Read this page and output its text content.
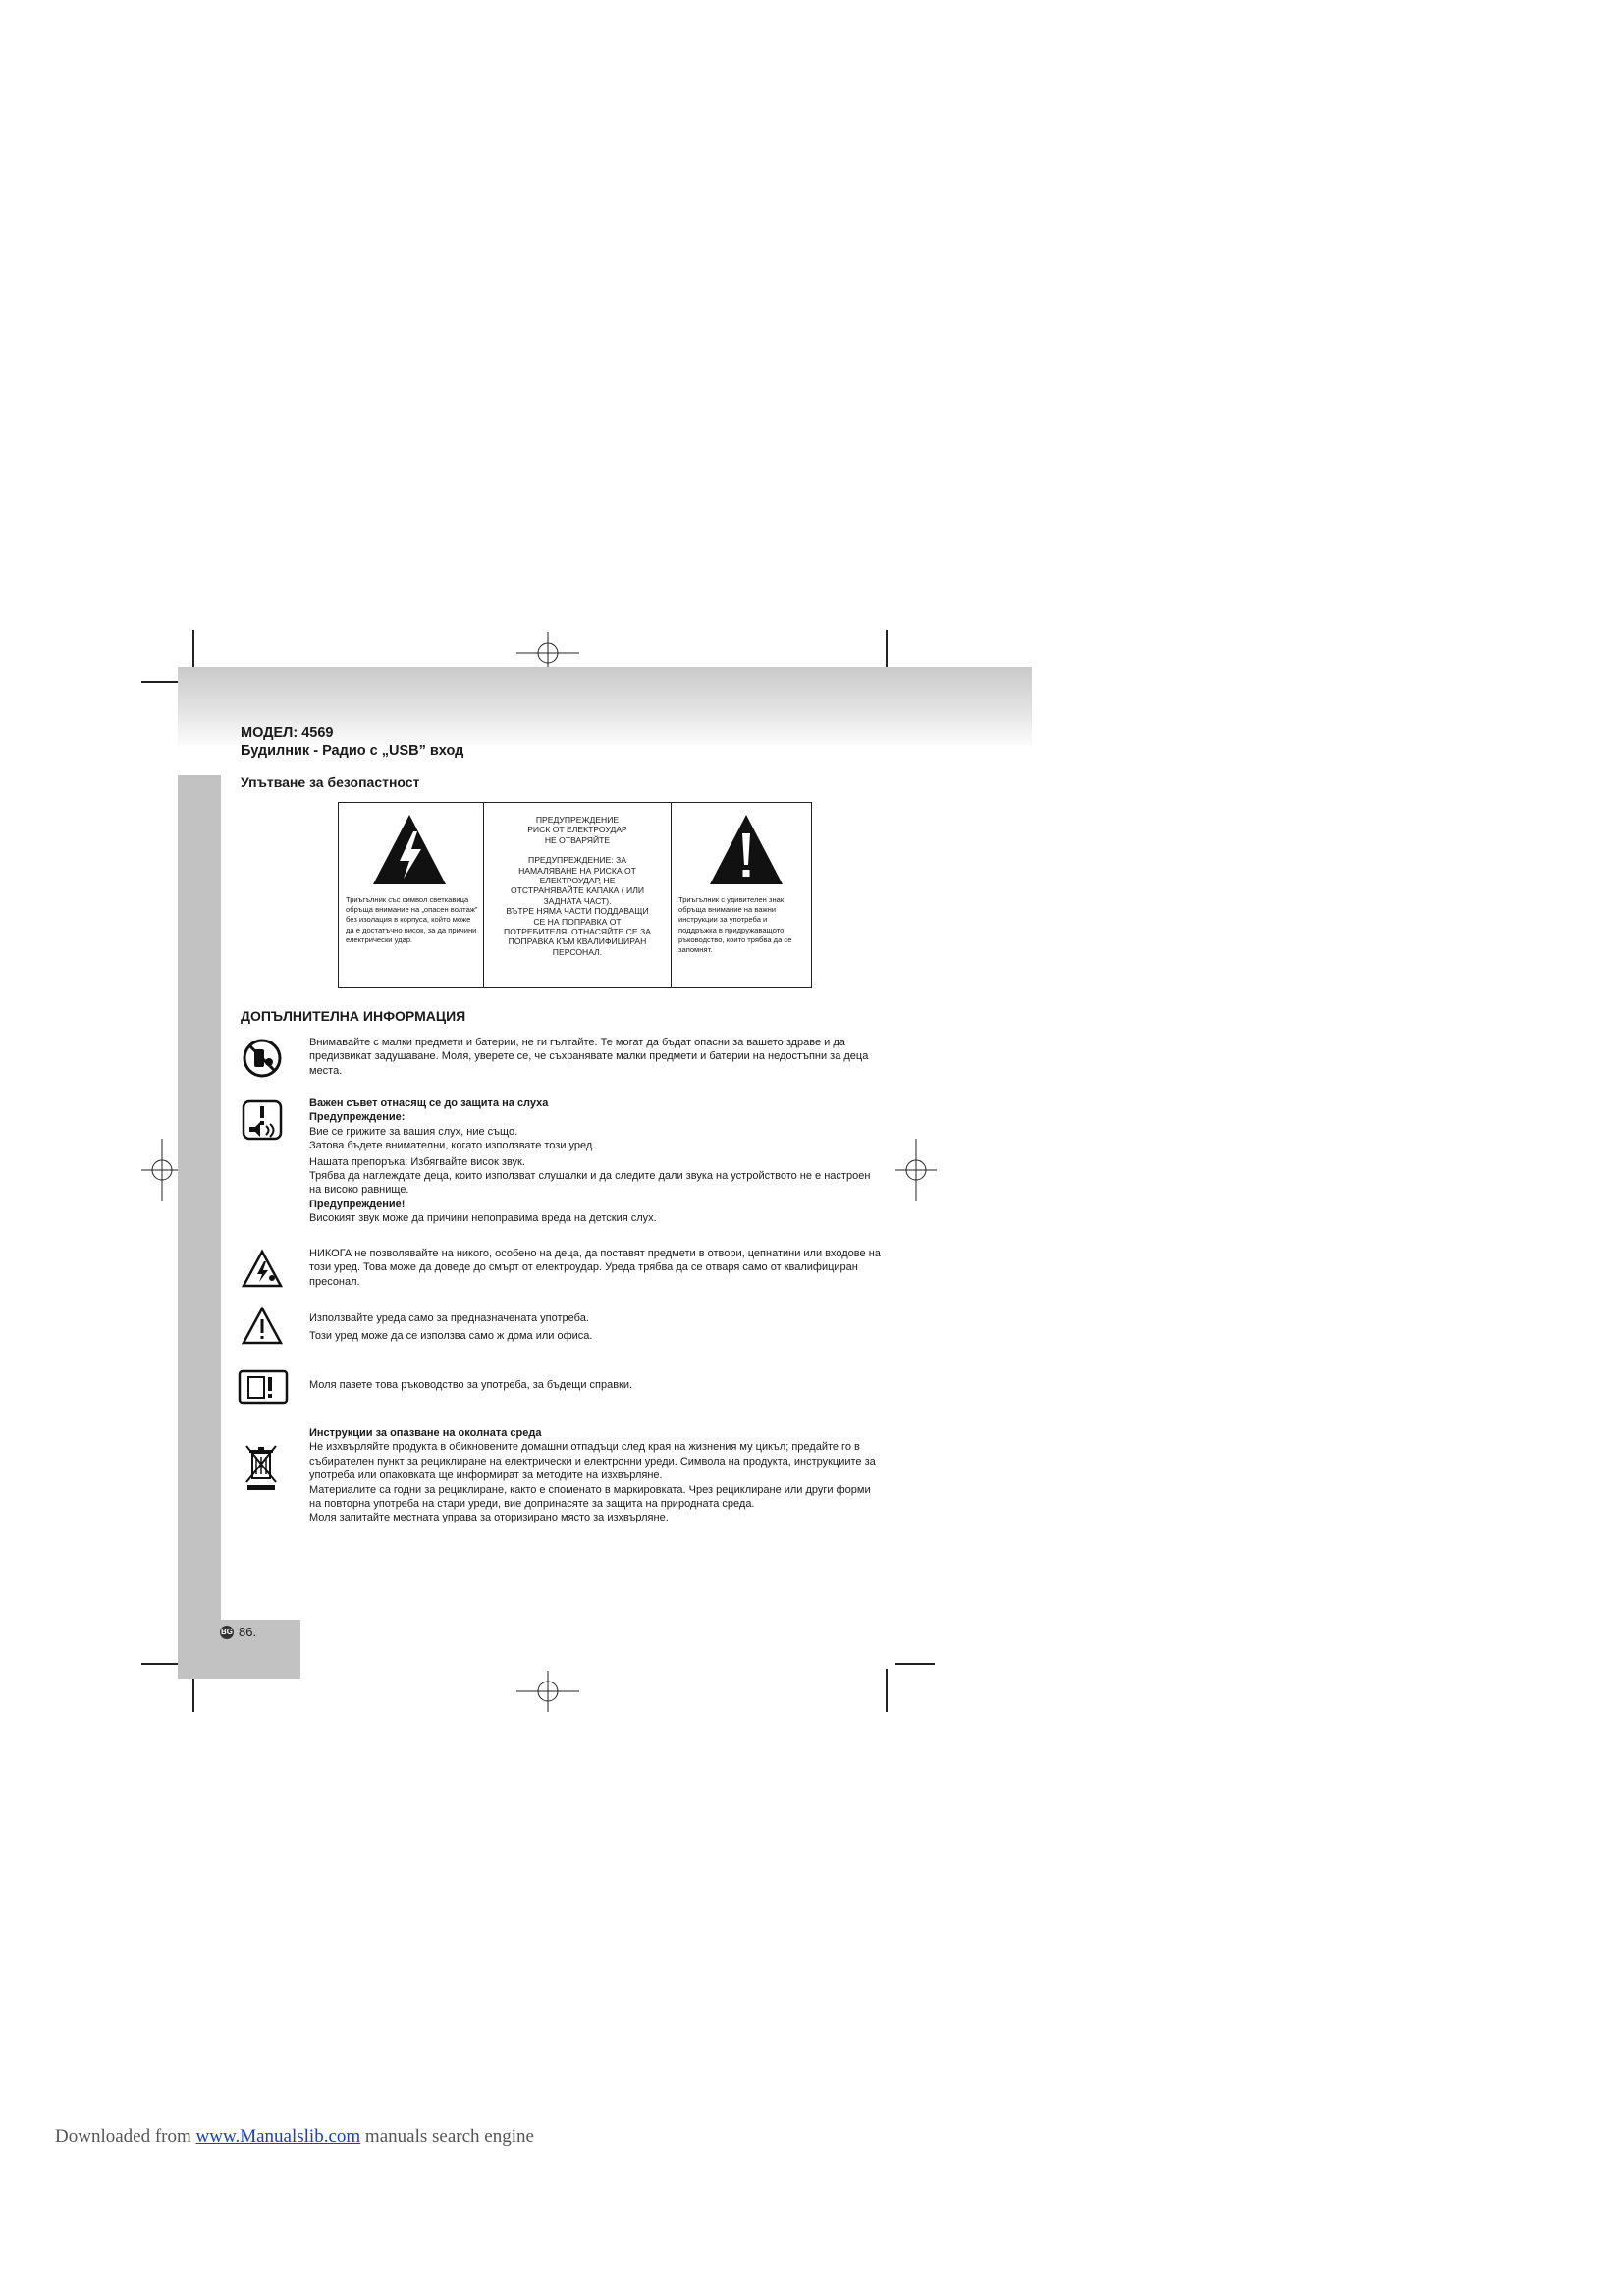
МОДЕЛ: 4569
Будилник - Радио с „USB” вход
Упътване за безопастност
Триъгълник със символ светкавица обръща внимание на „опасен волтаж” без изолация в корпуса, който може да е достатъчно висок, за да причини електрически удар.
ПРЕДУПРЕЖДЕНИЕ
РИСК ОТ ЕЛЕКТРОУДАР
НЕ ОТВАРЯЙТЕ
ПРЕДУПРЕЖДЕНИЕ: ЗА
НАМАЛЯВАНЕ НА РИСКА ОТ
ЕЛЕКТРОУДАР, НЕ
ОТСТРАНЯВАЙТЕ КАПАКА ( ИЛИ
ЗАДНАТА ЧАСТ).
ВЪТРЕ НЯМА ЧАСТИ ПОДДАВАЩИ
СЕ НА ПОПРАВКА ОТ
ПОТРЕБИТЕЛЯ. ОТНАСЯЙТЕ СЕ ЗА
ПОПРАВКА КЪМ КВАЛИФИЦИРАН
ПЕРСОНАЛ.
Триъгълник с удивителен знак обръща внимание на важни инструкции за употреба и поддръжка в придружаващото ръководство, които трябва да се запомнят.
ДОПЪЛНИТЕЛНА ИНФОРМАЦИЯ

Внимавайте с малки предмети и батерии, не ги гълтайте. Те могат да бъдат опасни за вашето здраве и да предизвикат задушаване. Моля, уверете се, че съхранявате малки предмети и батерии на недостъпни за деца места.

Важен съвет отнасящ се до защита на слуха

Предупреждение:

Вие се грижите за вашия слух, ние също.

Затова бъдете внимателни, когато използвате този уред.

Нашата препоръка: Избягвайте висок звук.

Трябва да наглеждате деца, които използват слушалки и да следите дали звука на устройството не е настроен на високо равнище.

Предупреждение!

Високият звук може да причини непоправима вреда на детския слух.

НИКОГА не позволявайте на никого, особено на деца, да поставят предмети в отвори, цепнатини или входове на този уред. Това може да доведе до смърт от електроудар. Уреда трябва да се отваря само от квалифициран пресонал.

Използвайте уреда само за предназначената употреба.

Този уред може да се използва само ж дома или офиса.

Моля пазете това ръководство за употреба, за бъдещи справки.

Инструкции за опазване на околната среда

Не изхвърляйте продукта в обикновените домашни отпадъци след края на жизнения му цикъл; предайте го в събирателен пункт за рециклиране на електрически и електронни уреди. Символа на продукта, инструкциите за употреба или опаковката ще информират за методите на изхвърляне.

Материалите са годни за рециклиране, както е споменато в маркировката. Чрез рециклиране или други форми на повторна употреба на стари уреди, вие допринасяте за защита на природната среда.

Моля запитайте местната управа за оторизирано място за изхвърляне.

BG 86.
Downloaded from www.Manualslib.com manuals search engine
